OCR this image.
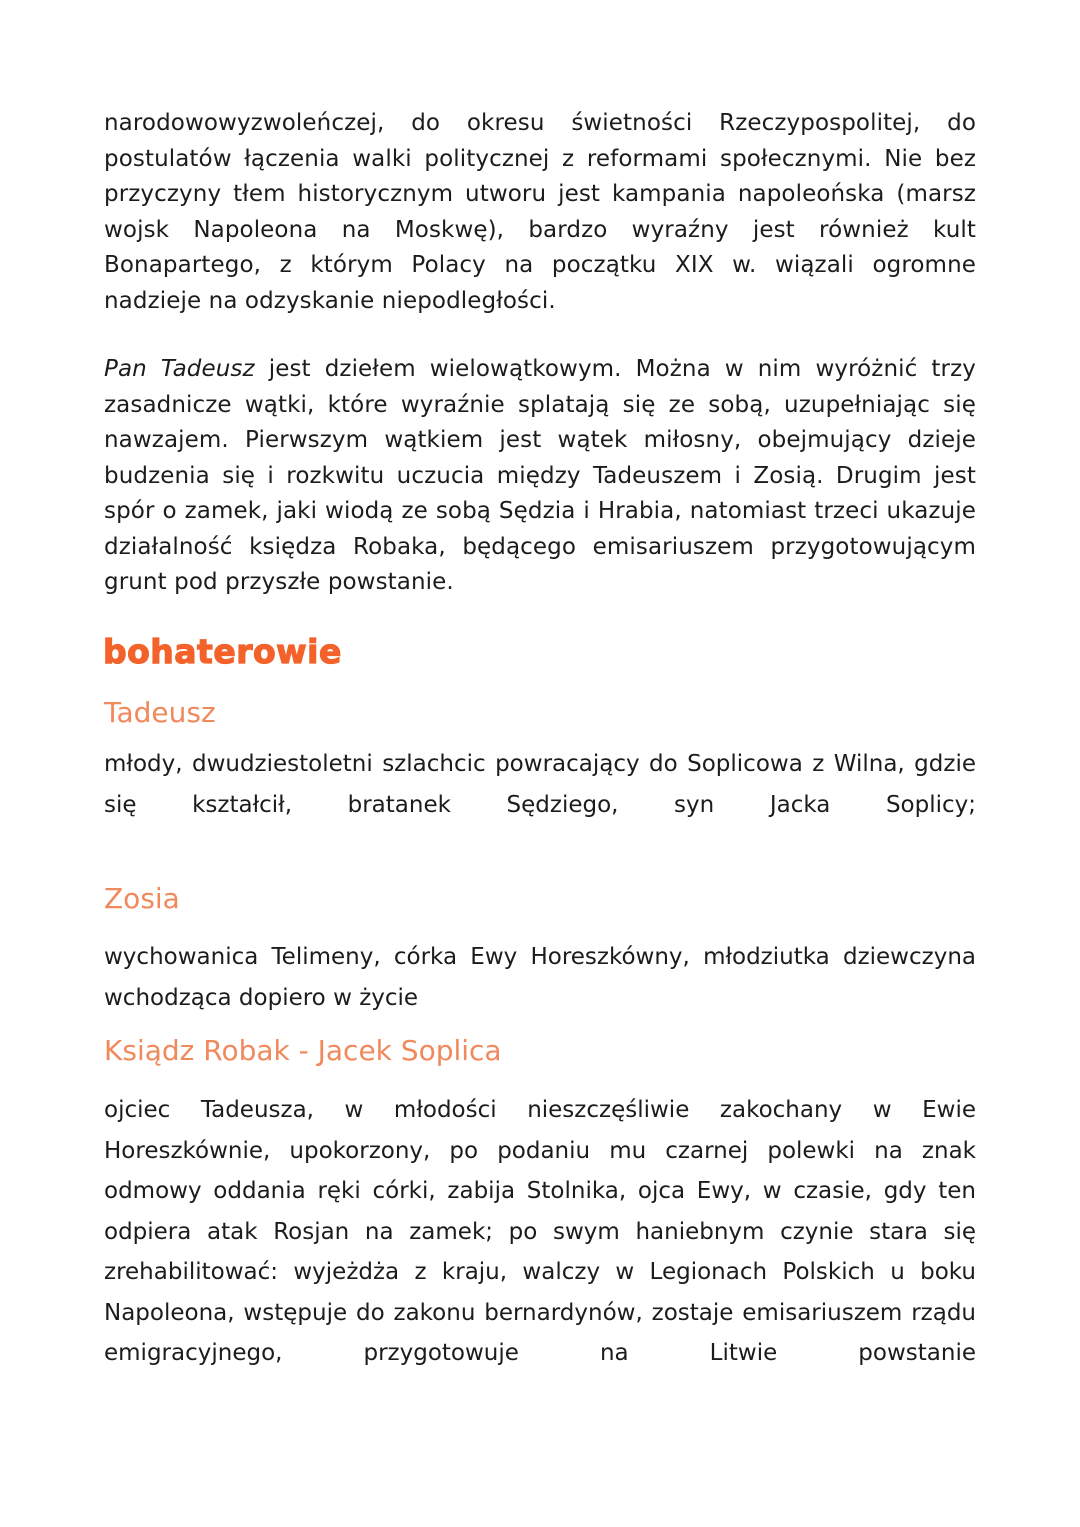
narodowowyzwoleńczej, do okresu świetności Rzeczypospolitej, do postulatów łączenia walki politycznej z reformami społecznymi. Nie bez przyczyny tłem historycznym utworu jest kampania napoleońska (marsz wojsk Napoleona na Moskwę), bardzo wyraźny jest również kult Bonapartego, z którym Polacy na początku XIX w. wiązali ogromne nadzieje na odzyskanie niepodległości.

Pan Tadeusz jest dziełem wielowątkowym. Można w nim wyróżnić trzy zasadnicze wątki, które wyraźnie splatają się ze sobą, uzupełniając się nawzajem. Pierwszym wątkiem jest wątek miłosny, obejmujący dzieje budzenia się i rozkwitu uczucia między Tadeuszem i Zosią. Drugim jest spór o zamek, jaki wiodą ze sobą Sędzia i Hrabia, natomiast trzeci ukazuje działalność księdza Robaka, będącego emisariuszem przygotowującym grunt pod przyszłe powstanie.

bohaterowie
Tadeusz

młody, dwudziestoletni szlachcic powracający do Soplicowa z Wilna, gdzie się kształcił, bratanek Sędziego, syn Jacka Soplicy;

Zosia

wychowanica Telimeny, córka Ewy Horeszkówny, młodziutka dziewczyna wchodząca dopiero w życie

Ksiądz Robak - Jacek Soplica

ojciec Tadeusza, w młodości nieszczęśliwie zakochany w Ewie Horeszkównie, upokorzony, po podaniu mu czarnej polewki na znak odmowy oddania ręki córki, zabija Stolnika, ojca Ewy, w czasie, gdy ten odpiera atak Rosjan na zamek; po swym haniebnym czynie stara się zrehabilitować: wyjeżdża z kraju, walczy w Legionach Polskich u boku Napoleona, wstępuje do zakonu bernardynów, zostaje emisariuszem rządu emigracyjnego, przygotowuje na Litwie powstanie
